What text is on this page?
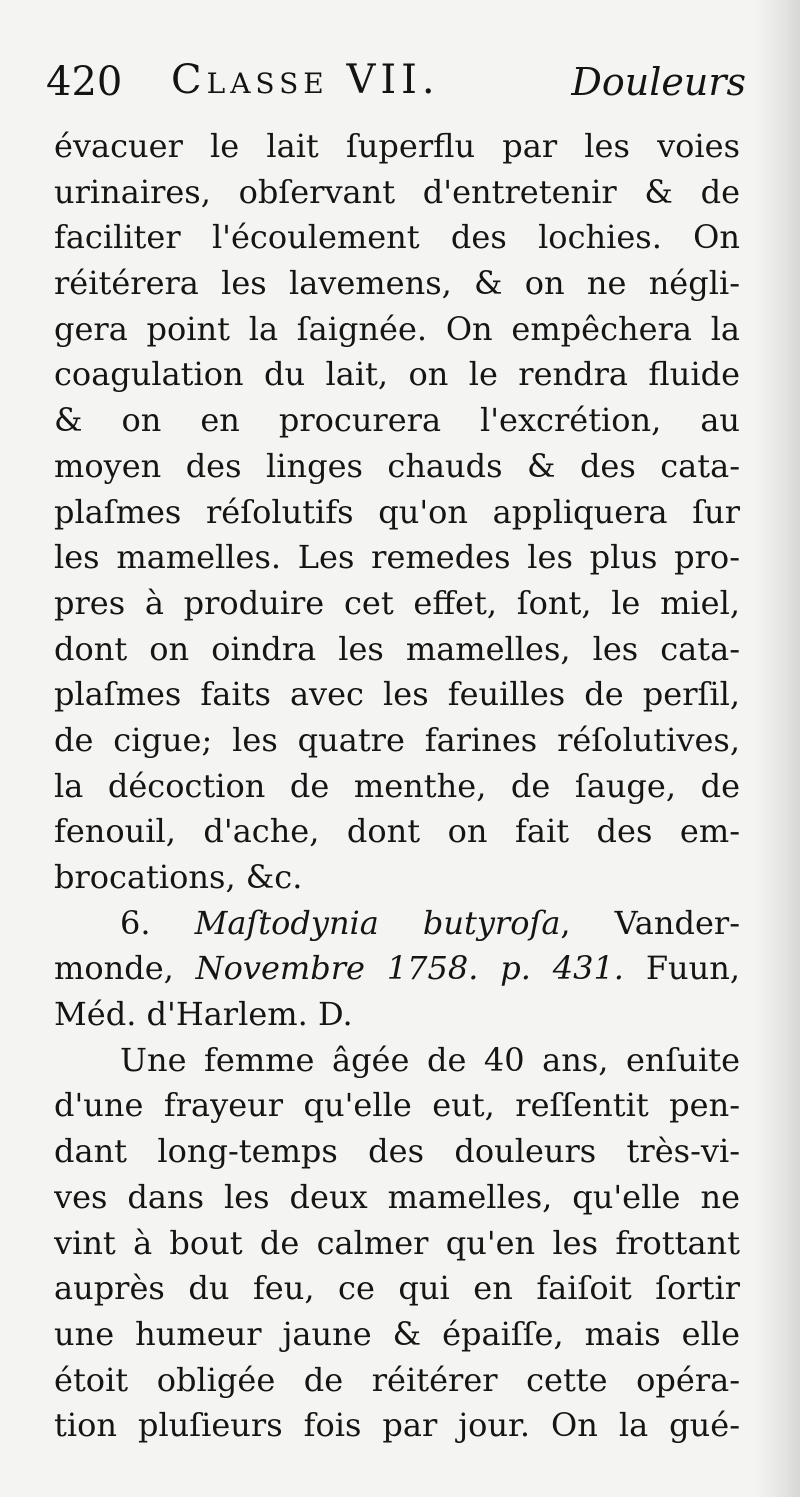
420 Classe VII.	Douleurs
évacuer le lait ſuperflu par les voies
urinaires, obſervant d'entretenir & de
faciliter l'écoulement des lochies. On
réitérera les lavemens, & on ne négli-
gera point la ſaignée. On empêchera la
coagulation du lait, on le rendra fluide
& on en procurera l'excrétion, au
moyen des linges chauds & des cata-
plaſmes réſolutifs qu'on appliquera ſur
les mamelles. Les remedes les plus pro-
pres à produire cet effet, ſont, le miel,
dont on oindra les mamelles, les cata-
plaſmes faits avec les feuilles de perſil,
de cigue; les quatre farines réſolutives,
la décoction de menthe, de ſauge, de
fenouil, d'ache, dont on fait des em-
brocations, &c.
6. Maſtodynia butyroſa, Vander-
monde, Novembre 1758. p. 431. Fuun,
Méd. d'Harlem. D.
Une femme âgée de 40 ans, enſuite
d'une frayeur qu'elle eut, reſſentit pen-
dant long-temps des douleurs très-vi-
ves dans les deux mamelles, qu'elle ne
vint à bout de calmer qu'en les frottant
auprès du feu, ce qui en faiſoit ſortir
une humeur jaune & épaiſſe, mais elle
étoit obligée de réitérer cette opéra-
tion pluſieurs fois par jour. On la gué-
